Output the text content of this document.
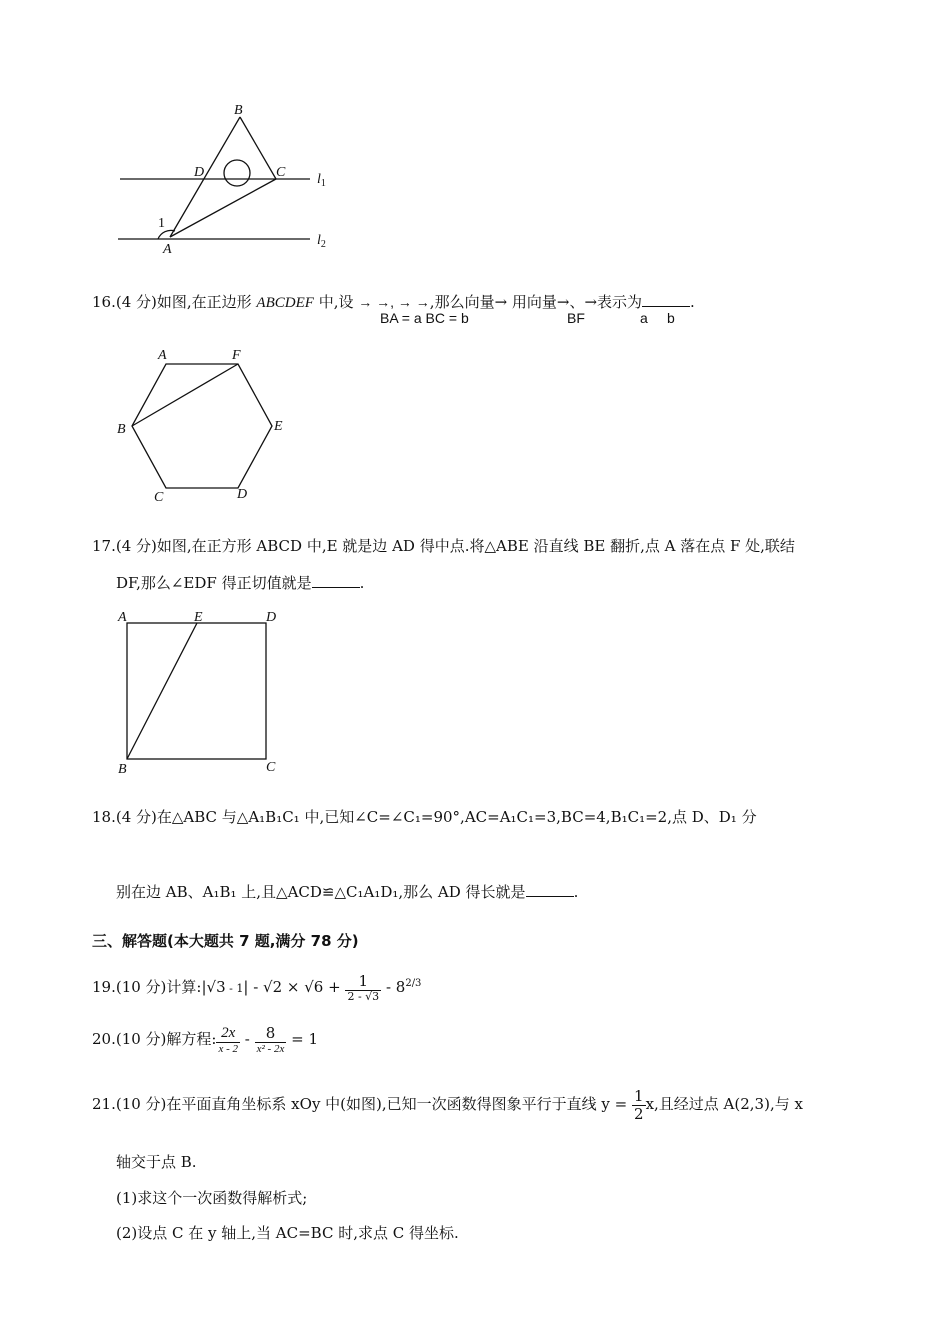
B
D	C
A
1
$l_1$
$l_2$
16.(4 分)如图,在正边形 ABCDEF 中,设 → →, → →,那么向量→ 用向量→、→表示为	.
BA = a BC = b	BF	a b
A	F
B	E
C	D
17.(4 分)如图,在正方形 ABCD 中,E 就是边 AD 得中点.将△ABE 沿直线 BE 翻折,点 A 落在点 F 处,联结
DF,那么∠EDF 得正切值就是	.
A	E	D
B	C
18.(4 分)在△ABC 与△A₁B₁C₁ 中,已知∠C=∠C₁=90°,AC=A₁C₁=3,BC=4,B₁C₁=2,点 D、D₁ 分
别在边 AB、A₁B₁ 上,且△ACD≌△C₁A₁D₁,那么 AD 得长就是	.
三、解答题(本大题共 7 题,满分 78 分)
19.(10 分)计算:|√3 - $1| - √2 \times √6 + \frac{1}{2 - √3} - 8^{2/3}$
20.(10 分)解方程: $\frac{2x}{x - 2} - \frac{8}{\text{x² - 2x}} = 1$
21.(10 分)在平面直角坐标系 xOy 中(如图),已知一次函数得图象平行于直线 $y = \frac{1}{2} x$,且经过点 A(2,3),与 x
轴交于点 B.
(1)求这个一次函数得解析式;
(2)设点 C 在 y 轴上,当 AC=BC 时,求点 C 得坐标.
